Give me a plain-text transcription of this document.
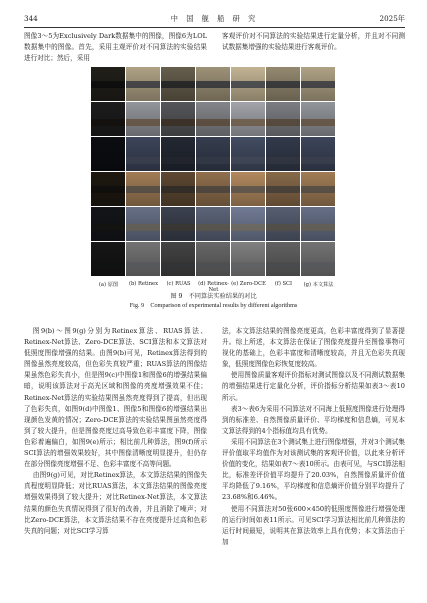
344	中 国 舰 船 研 究	2025年

图像3～5为Exclusively Dark数据集中的图像，图像6为LOL数据集中的图像。首先，采用主观评价对不同算法的实验结果进行对比；然后，采用

客观评价对不同算法的实验结果进行定量分析，并且对不同测试数据集增强的实验结果进行客观评价。

(a) 原图	(b) Retinex	(c) RUAS	(d) Retinex-Net
(e) Zero-DCE	(f) SCI	(g) 本文算法
图 9　不同算法实验结果的对比
Fig. 9　Comparison of experimental results by different algorithms

图9(b)～图9(g)分别为Retinex算法、RUAS算法、Retinex-Net算法、Zero-DCE算法、SCI算法和本文算法对低照度图像增强的结果。由图9(b)可见，Retinex算法得到的图像虽然亮度较高，但色彩失真较严重；RUAS算法的图像结果虽然色彩失真小，但是图9(c)中图像1和图像6的增强结果偏暗，说明该算法对于高光区域和图像的亮度增强效果不佳；Retinex-Net算法的实验结果图虽然亮度得到了提高，但出现了色彩失真，如图9(d)中图像1、图像5和图像6的增强结果出现颜色发黄的情况；Zero-DCE算法的实验结果图虽然亮度得到了较大提升，但是图像亮度过高导致色彩丰富度下降，图像色彩着遍偏白，如图9(e)所示；相比前几种算法，图9(f)所示SCI算法的增强效果较好，其中图像清晰度明显提升，但仍存在部分图像亮度增强不足、色彩丰富度不高等问题。

由图9(g)可见，对比Retinex算法，本文算法结果的图像失真程度明显降低；对比RUAS算法，本文算法结果的图像亮度增强效果得到了较大提升；对比Retinex-Net算法，本文算法结果的颜色失真情况得到了很好的改善，并且消除了噪声；对比Zero-DCE算法，本文算法结果不存在亮度提升过高和色彩失真的问题；对比SCI学习算

法，本文算法结果的图像亮度更高，色彩丰富度得到了显著提升。综上所述，本文算法在保证了图像亮度提升至图像事物可视化的基础上，色彩丰富度和清晰度较高，并且无色彩失真现象，低照度图像色彩恢复度较高。

使用图像质量客观评价指标对测试图像以及不同测试数据集的增强结果进行定量化分析，评价指标分析结果如表3～表10所示。

表3～表6为采用不同算法对不同海上低照度图像进行处理得到的标准差、自然图像质量评价、平均梯度和信息熵，可见本文算法得到的4个指标值均具有优势。

采用不同算法在3个测试集上进行图像增强，并对3个测试集评价值取平均值作为对该测试集的客观评价值，以此来分析评价值的变化，结果如表7～表10所示。由表可见，与SCI算法相比，标准差评价值平均提升了20.03%，自然图像质量评价值平均降低了9.16%，平均梯度和信息熵评价值分别平均提升了23.68%和6.46%。

使用不同算法对50张600×450的低照度图像进行增强处理的运行时间如表11所示。可见SCI学习算法相比前几种算法的运行时间最短，说明其在算法效率上具有优势；本文算法由于加
